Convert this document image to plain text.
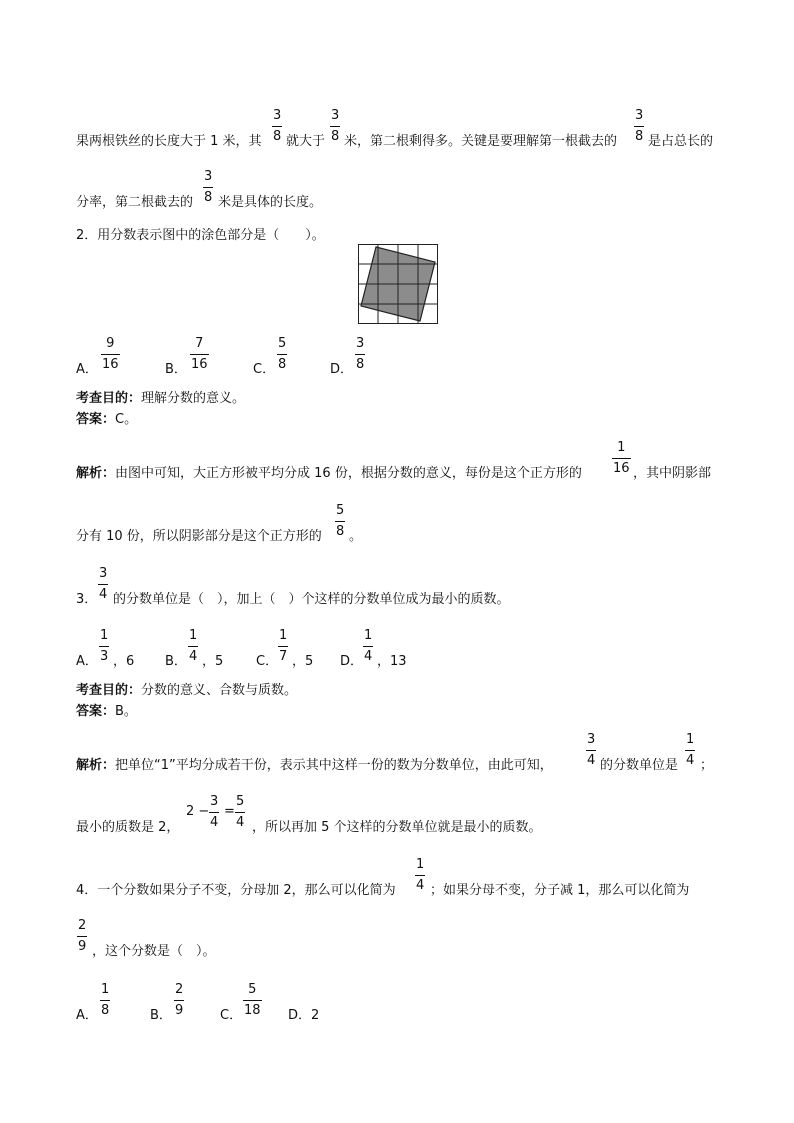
果两根铁丝的长度大于 1 米，其
3
8 就大于
3
8 米，第二根剩得多。关键是要理解第一根截去的
3
8 是占总长的
分率，第二根截去的
3
8 米是具体的长度。
2．用分数表示图中的涂色部分是（　　）。
A．
9
16	B．
7
16	C．
5
8	D．
3
8
考查目的：理解分数的意义。
答案：C。
解析：由图中可知，大正方形被平均分成 16 份，根据分数的意义，每份是这个正方形的
1
16 ，其中阴影部
分有 10 份，所以阴影部分是这个正方形的
5
8 。
3．
3
4 的分数单位是（　），加上（　）个这样的分数单位成为最小的质数。
A．
1
3 ，6 B．
1
4 ，5	C．
1
7 ，5 D．
1
4 ，13
考查目的：分数的意义、合数与质数。
答案：B。
解析：把单位“1”平均分成若干份，表示其中这样一份的数为分数单位，由此可知，
3
4 的分数单位是
1
4 ；
最小的质数是 2，
2 −
3
4
=
5
4 ，所以再加 5 个这样的分数单位就是最小的质数。
4．一个分数如果分子不变，分母加 2，那么可以化简为
1
4 ；如果分母不变，分子减 1，那么可以化简为
2
9 ，这个分数是（　）。
A．
1
8	B．
2
9	C．
5
18 D．2
